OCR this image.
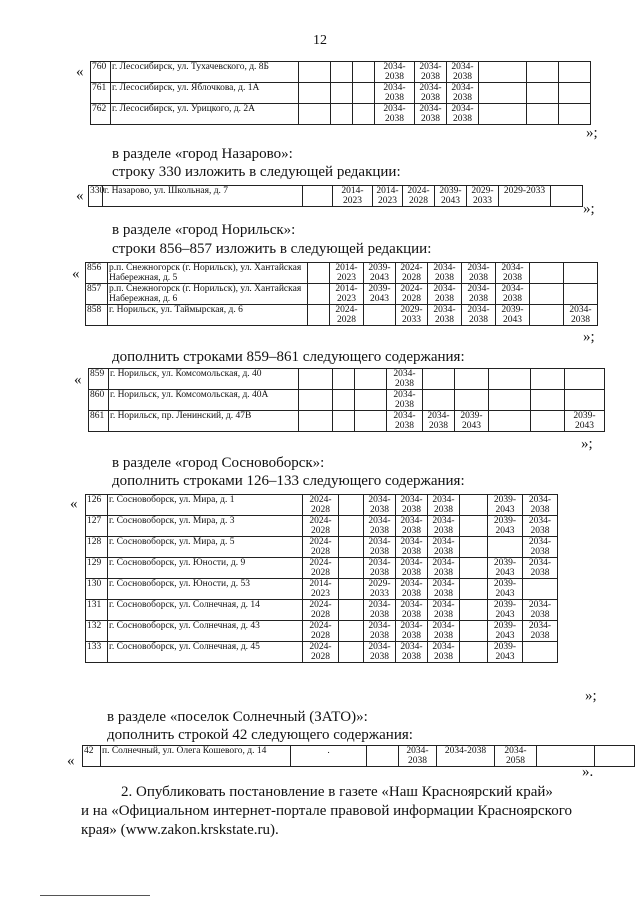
12
« 760	г. Лесосибирск, ул. Тухачевского, д. 8Б				2034-2038	2034-2038	2034-2038			
761	г. Лесосибирск, ул. Яблочкова, д. 1А				2034-2038	2034-2038	2034-2038			
762	г. Лесосибирск, ул. Урицкого, д. 2А				2034-2038	2034-2038	2034-2038			
»;
в разделе «город Назарово»:
строку 330 изложить в следующей редакции:
« 330	г. Назарово, ул. Школьная, д. 7		2014-2023	2014-2023	2024-2028	2039-2043	2029-2033	2029-2033		
»;
в разделе «город Норильск»:
строки 856–857 изложить в следующей редакции:
« 856	р.п. Снежногорск (г. Норильск), ул. Хантайская Набережная, д. 5		2014-2023	2039-2043	2024-2028	2034-2038	2034-2038	2034-2038		
857	р.п. Снежногорск (г. Норильск), ул. Хантайская Набережная, д. 6		2014-2023	2039-2043	2024-2028	2034-2038	2034-2038	2034-2038		
858	г. Норильск, ул. Таймырская, д. 6		2024-2028		2029-2033	2034-2038	2034-2038	2039-2043		2034-2038
»;
дополнить строками 859–861 следующего содержания:
« 859	г. Норильск, ул. Комсомольская, д. 40				2034-2038					
860	г. Норильск, ул. Комсомольская, д. 40А				2034-2038					
861	г. Норильск, пр. Ленинский, д. 47В				2034-2038	2034-2038	2039-2043			2039-2043
»;
в разделе «город Сосновоборск»:
дополнить строками 126–133 следующего содержания:
« 126	г. Сосновоборск, ул. Мира, д. 1	2024-2028		2034-2038	2034-2038	2034-2038		2039-2043	2034-2038
127	г. Сосновоборск, ул. Мира, д. 3	2024-2028		2034-2038	2034-2038	2034-2038		2039-2043	2034-2038
128	г. Сосновоборск, ул. Мира, д. 5	2024-2028		2034-2038	2034-2038	2034-2038			2034-2038
129	г. Сосновоборск, ул. Юности, д. 9	2024-2028		2034-2038	2034-2038	2034-2038		2039-2043	2034-2038
130	г. Сосновоборск, ул. Юности, д. 53	2014-2023		2029-2033	2034-2038	2034-2038		2039-2043	
131	г. Сосновоборск, ул. Солнечная, д. 14	2024-2028		2034-2038	2034-2038	2034-2038		2039-2043	2034-2038
132	г. Сосновоборск, ул. Солнечная, д. 43	2024-2028		2034-2038	2034-2038	2034-2038		2039-2043	2034-2038
133	г. Сосновоборск, ул. Солнечная, д. 45	2024-2028		2034-2038	2034-2038	2034-2038		2039-2043	
»;
в разделе «поселок Солнечный (ЗАТО)»:
дополнить строкой 42 следующего содержания:
«
42	п. Солнечный, ул. Олега Кошевого, д. 14	.		2034-2038	2034-2038	2034-2058			
».
2. Опубликовать постановление в газете «Наш Красноярский край»
и на «Официальном интернет-портале правовой информации Красноярского
края» (www.zakon.krskstate.ru).
